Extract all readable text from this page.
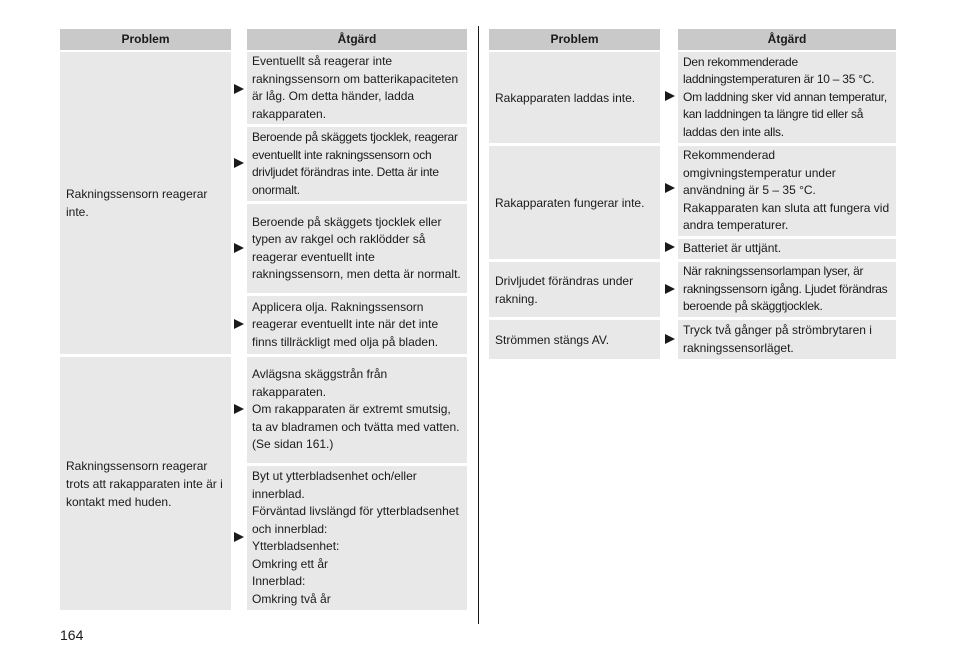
Problem	Åtgärd
Rakningssensorn reagerar inte.
Eventuellt så reagerar inte rakningssensorn om batterikapaciteten är låg. Om detta händer, ladda rakapparaten.
Beroende på skäggets tjocklek, reagerar eventuellt inte rakningssensorn och drivljudet förändras inte. Detta är inte onormalt.
Beroende på skäggets tjocklek eller typen av rakgel och raklödder så reagerar eventuellt inte rakningssensorn, men detta är normalt.
Applicera olja. Rakningssensorn reagerar eventuellt inte när det inte finns tillräckligt med olja på bladen.
Rakningssensorn reagerar trots att rakapparaten inte är i kontakt med huden.
Avlägsna skäggstrån från rakapparaten.
Om rakapparaten är extremt smutsig, ta av bladramen och tvätta med vatten.
(Se sidan 161.)
Byt ut ytterbladsenhet och/eller innerblad.
Förväntad livslängd för ytterbladsenhet och innerblad:
Ytterbladsenhet:
Omkring ett år
Innerblad:
Omkring två år
Problem	Åtgärd
Rakapparaten laddas inte.
Den rekommenderade laddningstemperaturen är 10 – 35 °C. Om laddning sker vid annan temperatur, kan laddningen ta längre tid eller så laddas den inte alls.
Rakapparaten fungerar inte.
Rekommenderad omgivningstemperatur under användning är 5 – 35 °C. Rakapparaten kan sluta att fungera vid andra temperaturer.
Batteriet är uttjänt.
Drivljudet förändras under rakning.
När rakningssensorlampan lyser, är rakningssensorn igång. Ljudet förändras beroende på skäggtjocklek.
Strömmen stängs AV.
Tryck två gånger på strömbrytaren i rakningssensorläget.
164
